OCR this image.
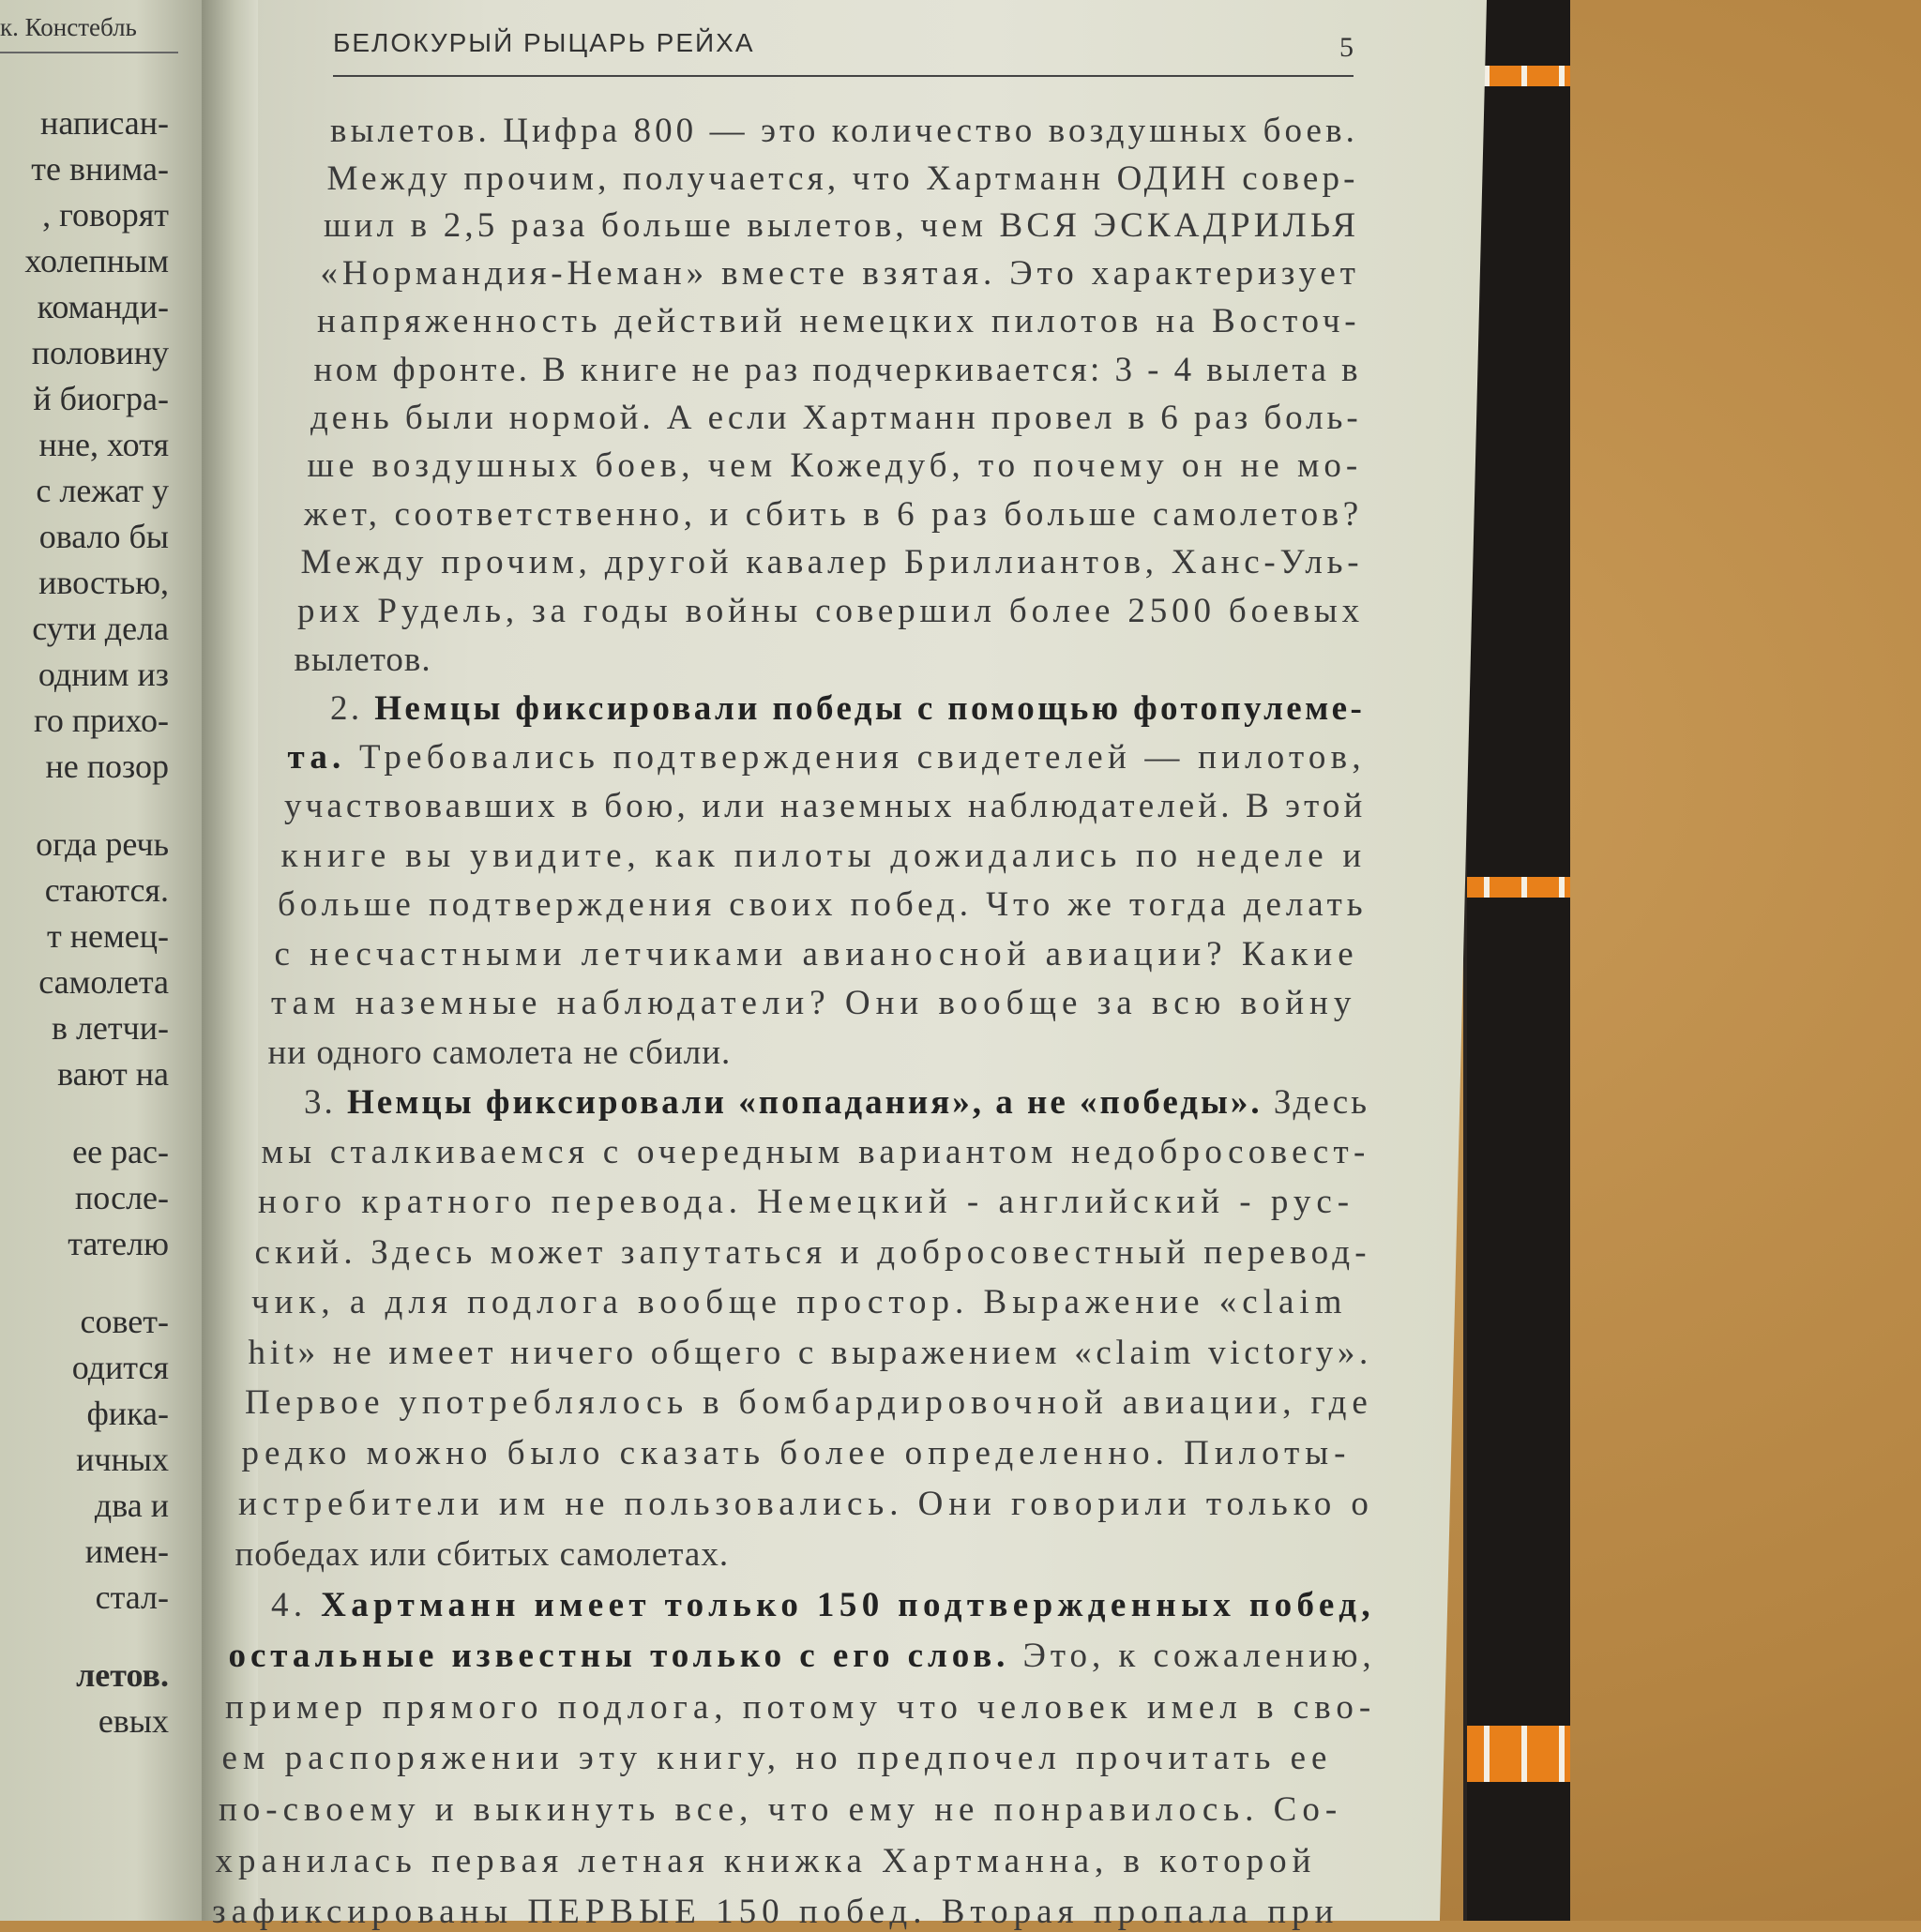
к. Констебль
написан-
те внима-
, говорят
холепным
команди-
половину
й биогра-
нне, хотя
с лежат у
овало бы
ивостью,
сути дела
одним из
го прихо-
не позор
огда речь
стаются.
т немец-
самолета
в летчи-
вают на
ее рас-
после-
тателю
совет-
одится
фика-
ичных
два и
имен-
стал-
летов.
евых
БЕЛОКУРЫЙ РЫЦАРЬ РЕЙХА	5
вылетов. Цифра 800 — это количество воздушных боев.
Между прочим, получается, что Хартманн ОДИН совер-
шил в 2,5 раза больше вылетов, чем ВСЯ ЭСКАДРИЛЬЯ
«Нормандия-Неман» вместе взятая. Это характеризует
напряженность действий немецких пилотов на Восточ-
ном фронте. В книге не раз подчеркивается: 3 - 4 вылета в
день были нормой. А если Хартманн провел в 6 раз боль-
ше воздушных боев, чем Кожедуб, то почему он не мо-
жет, соответственно, и сбить в 6 раз больше самолетов?
Между прочим, другой кавалер Бриллиантов, Ханс-Уль-
рих Рудель, за годы войны совершил более 2500 боевых
вылетов.
2. Немцы фиксировали победы с помощью фотопулеме-
та. Требовались подтверждения свидетелей — пилотов,
участвовавших в бою, или наземных наблюдателей. В этой
книге вы увидите, как пилоты дожидались по неделе и
больше подтверждения своих побед. Что же тогда делать
с несчастными летчиками авианосной авиации? Какие
там наземные наблюдатели? Они вообще за всю войну
ни одного самолета не сбили.
3. Немцы фиксировали «попадания», а не «победы». Здесь
мы сталкиваемся с очередным вариантом недобросовест-
ного кратного перевода. Немецкий - английский - рус-
ский. Здесь может запутаться и добросовестный перевод-
чик, а для подлога вообще простор. Выражение «claim
hit» не имеет ничего общего с выражением «claim victory».
Первое употреблялось в бомбардировочной авиации, где
редко можно было сказать более определенно. Пилоты-
истребители им не пользовались. Они говорили только о
победах или сбитых самолетах.
4. Хартманн имеет только 150 подтвержденных побед,
остальные известны только с его слов. Это, к сожалению,
пример прямого подлога, потому что человек имел в сво-
ем распоряжении эту книгу, но предпочел прочитать ее
по-своему и выкинуть все, что ему не понравилось. Со-
хранилась первая летная книжка Хартманна, в которой
зафиксированы ПЕРВЫЕ 150 побед. Вторая пропала при
